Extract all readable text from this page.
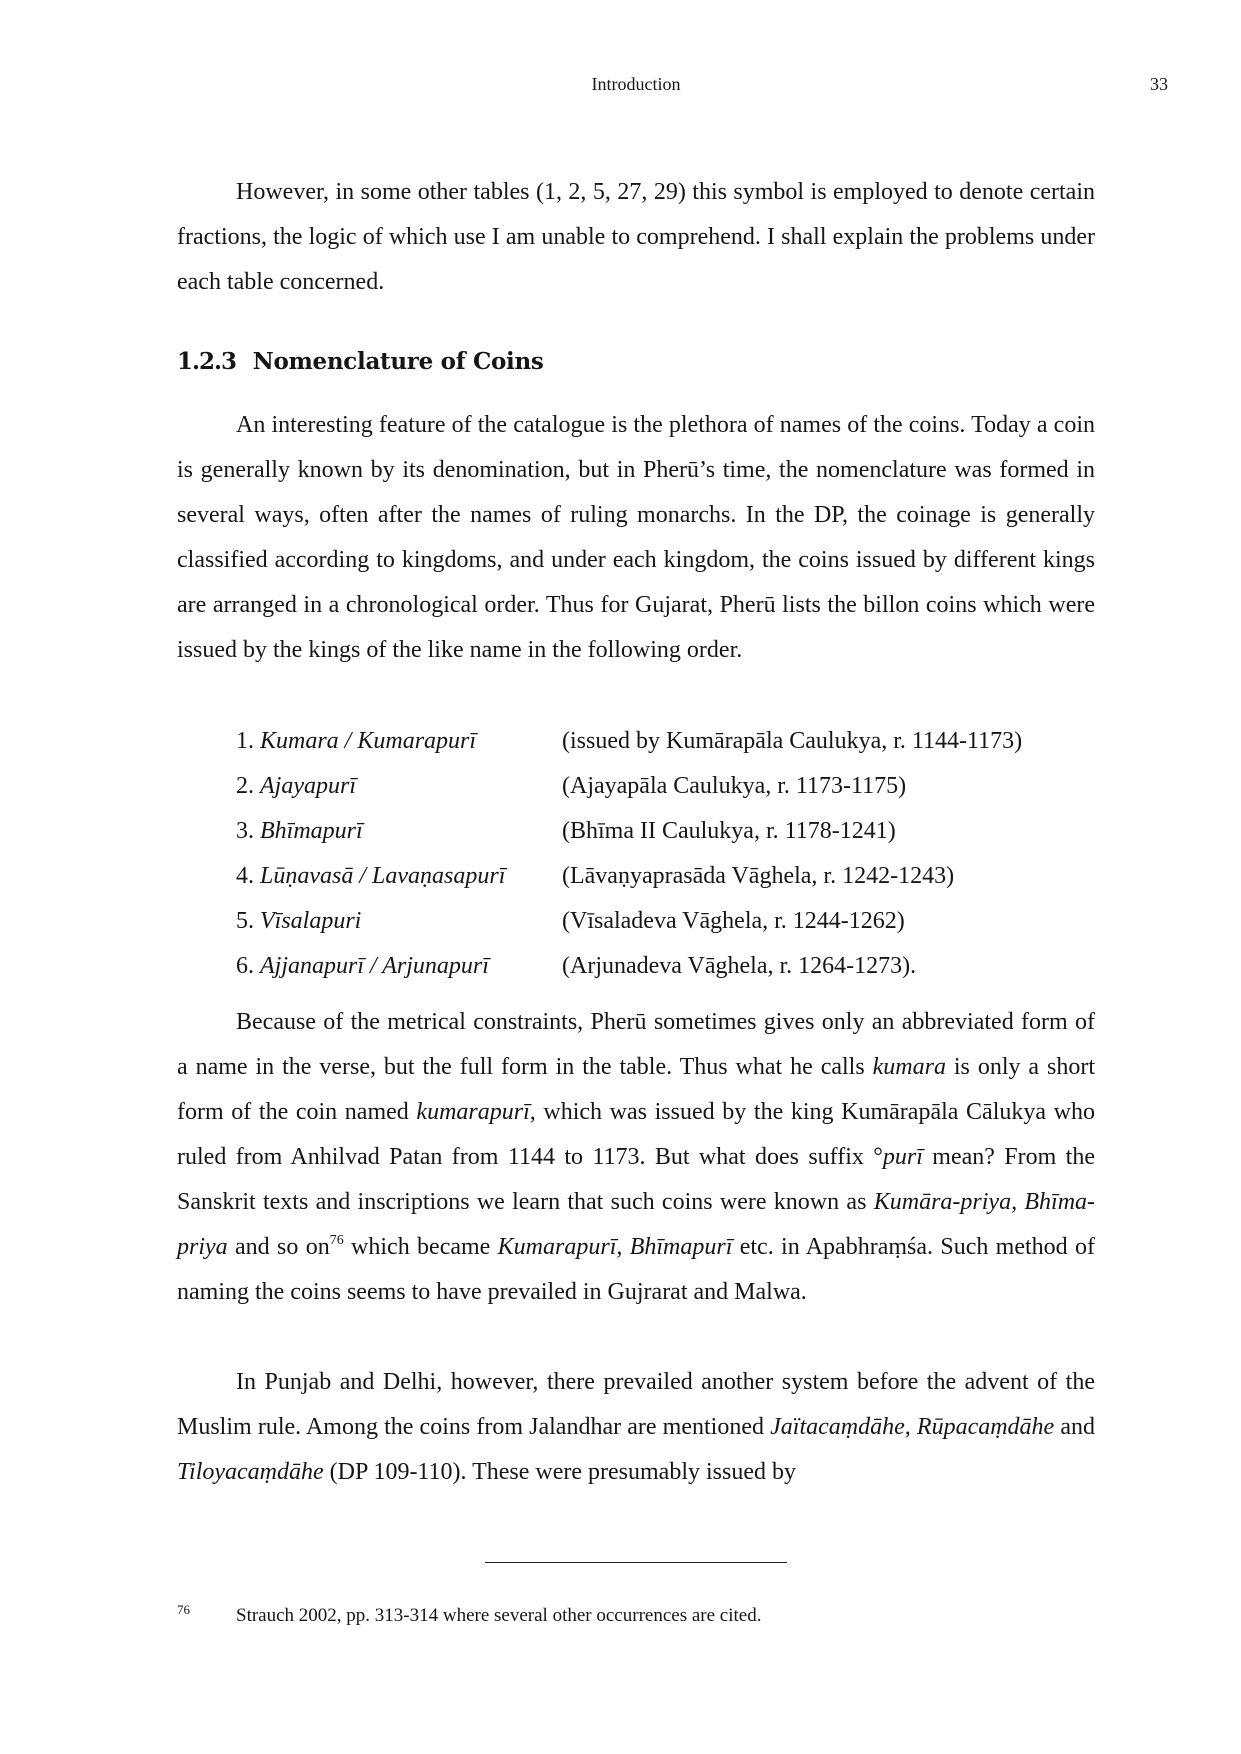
Introduction	33

However, in some other tables (1, 2, 5, 27, 29) this symbol is employed to denote certain fractions, the logic of which use I am unable to comprehend. I shall explain the problems under each table concerned.

1.2.3 Nomenclature of Coins

An interesting feature of the catalogue is the plethora of names of the coins. Today a coin is generally known by its denomination, but in Pherū’s time, the nomenclature was formed in several ways, often after the names of ruling monarchs. In the DP, the coinage is generally classified according to kingdoms, and under each kingdom, the coins issued by different kings are arranged in a chronological order. Thus for Gujarat, Pherū lists the billon coins which were issued by the kings of the like name in the following order.

1. Kumara / Kumarapurī	(issued by Kumārapāla Caulukya, r. 1144-1173)
2. Ajayapurī	(Ajayapāla Caulukya, r. 1173-1175)
3. Bhīmapurī	(Bhīma II Caulukya, r. 1178-1241)
4. Lūṇavasā / Lavaṇasapurī	(Lāvaṇyaprasāda Vāghela, r. 1242-1243)
5. Vīsalapuri	(Vīsaladeva Vāghela, r. 1244-1262)
6. Ajjanapurī / Arjunapurī	(Arjunadeva Vāghela, r. 1264-1273).

Because of the metrical constraints, Pherū sometimes gives only an abbreviated form of a name in the verse, but the full form in the table. Thus what he calls kumara is only a short form of the coin named kumarapurī, which was issued by the king Kumārapāla Cālukya who ruled from Anhilvad Patan from 1144 to 1173. But what does suffix °purī mean? From the Sanskrit texts and inscriptions we learn that such coins were known as Kumāra-priya, Bhīma-priya and so $on^{76}$ which became Kumarapurī, Bhīmapurī etc. in Apabhraṃśa. Such method of naming the coins seems to have prevailed in Gujrarat and Malwa.

In Punjab and Delhi, however, there prevailed another system before the advent of the Muslim rule. Among the coins from Jalandhar are mentioned Jaïtacaṃdāhe, Rūpacaṃdāhe and Tiloyacaṃdāhe (DP 109-110). These were presumably issued by

76 Strauch 2002, pp. 313-314 where several other occurrences are cited.
